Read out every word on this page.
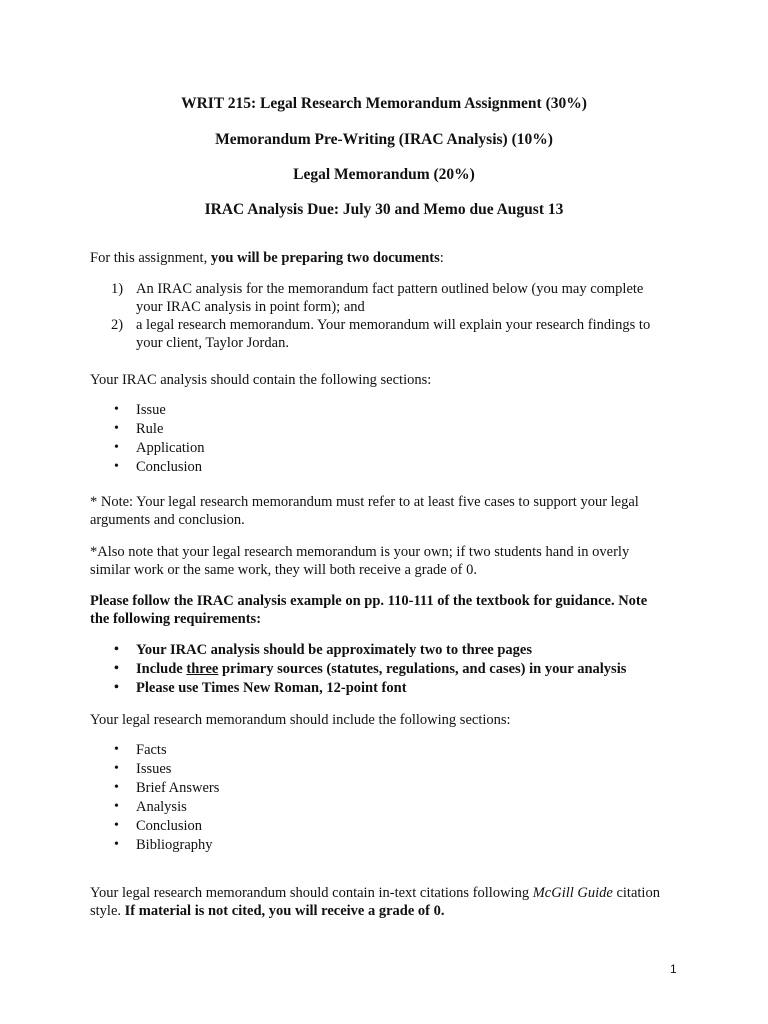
WRIT 215: Legal Research Memorandum Assignment (30%)
Memorandum Pre-Writing (IRAC Analysis) (10%)
Legal Memorandum (20%)
IRAC Analysis Due: July 30 and Memo due August 13
For this assignment, you will be preparing two documents:
1) An IRAC analysis for the memorandum fact pattern outlined below (you may complete
your IRAC analysis in point form); and
2) a legal research memorandum. Your memorandum will explain your research findings to
your client, Taylor Jordan.
Your IRAC analysis should contain the following sections:
• Issue
• Rule
• Application
• Conclusion
* Note: Your legal research memorandum must refer to at least five cases to support your legal
arguments and conclusion.
*Also note that your legal research memorandum is your own; if two students hand in overly
similar work or the same work, they will both receive a grade of 0.
Please follow the IRAC analysis example on pp. 110-111 of the textbook for guidance. Note
the following requirements:
• Your IRAC analysis should be approximately two to three pages
• Include three primary sources (statutes, regulations, and cases) in your analysis
• Please use Times New Roman, 12-point font
Your legal research memorandum should include the following sections:
• Facts
• Issues
• Brief Answers
• Analysis
• Conclusion
• Bibliography
Your legal research memorandum should contain in-text citations following McGill Guide citation
style. If material is not cited, you will receive a grade of 0.
1
